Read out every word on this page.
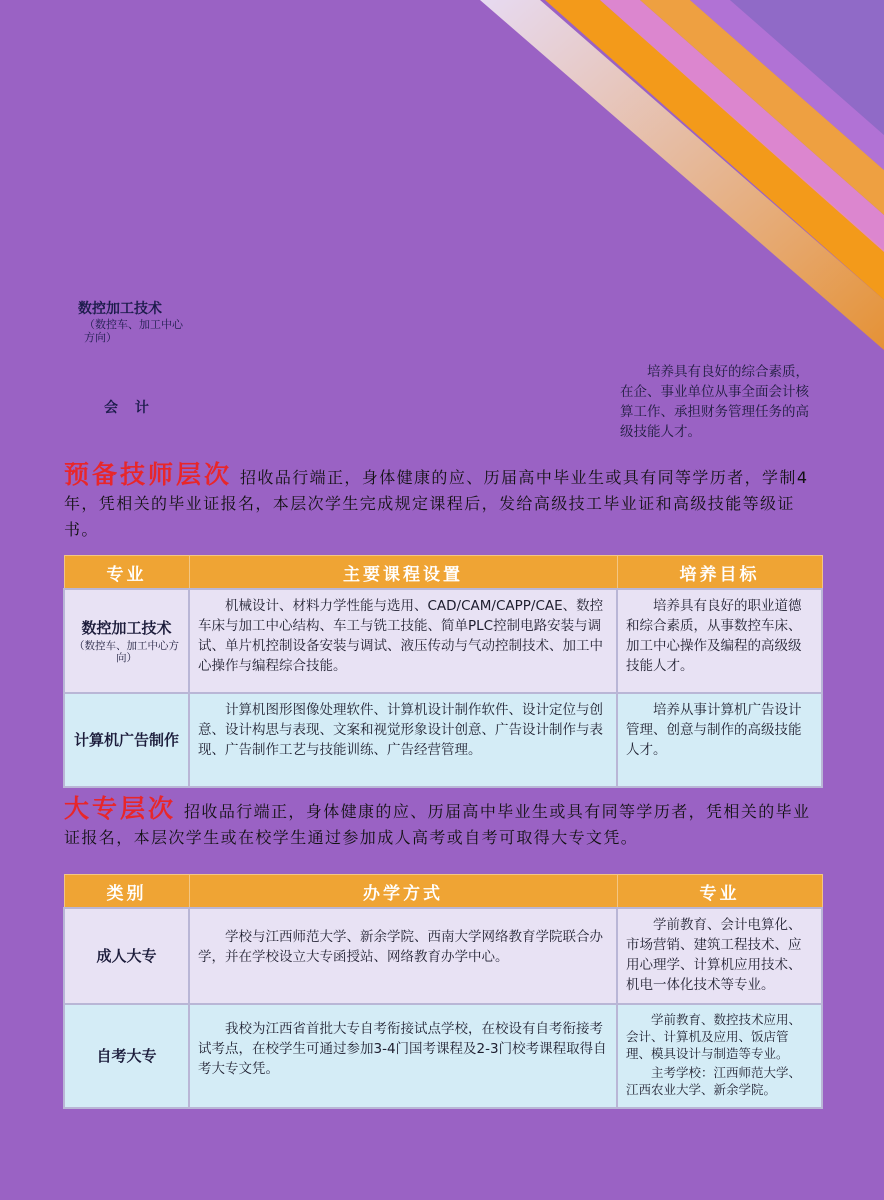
数控加工技术
（数控车、加工中心方向）
会 计
培养具有良好的综合素质，在企、事业单位从事全面会计核算工作、承担财务管理任务的高级技能人才。
预备技师层次 招收品行端正，身体健康的应、历届高中毕业生或具有同等学历者，学制4年，凭相关的毕业证报名，本层次学生完成规定课程后，发给高级技工毕业证和高级技能等级证书。
专业	主要课程设置	培养目标
数控加工技术
（数控车、加工中心方向）	机械设计、材料力学性能与选用、CAD/CAM/CAPP/CAE、数控车床与加工中心结构、车工与铣工技能、简单PLC控制电路安装与调试、单片机控制设备安装与调试、液压传动与气动控制技术、加工中心操作与编程综合技能。	培养具有良好的职业道德和综合素质，从事数控车床、加工中心操作及编程的高级级技能人才。
计算机广告制作	计算机图形图像处理软件、计算机设计制作软件、设计定位与创意、设计构思与表现、文案和视觉形象设计创意、广告设计制作与表现、广告制作工艺与技能训练、广告经营管理。	培养从事计算机广告设计管理、创意与制作的高级技能人才。
大专层次 招收品行端正，身体健康的应、历届高中毕业生或具有同等学历者，凭相关的毕业证报名，本层次学生或在校学生通过参加成人高考或自考可取得大专文凭。
类别	办学方式	专业
成人大专	学校与江西师范大学、新余学院、西南大学网络教育学院联合办学，并在学校设立大专函授站、网络教育办学中心。	学前教育、会计电算化、市场营销、建筑工程技术、应用心理学、计算机应用技术、机电一体化技术等专业。
自考大专	我校为江西省首批大专自考衔接试点学校，在校设有自考衔接考试考点，在校学生可通过参加3-4门国考课程及2-3门校考课程取得自考大专文凭。	学前教育、数控技术应用、会计、计算机及应用、饭店管理、模具设计与制造等专业。
主考学校：江西师范大学、江西农业大学、新余学院。
